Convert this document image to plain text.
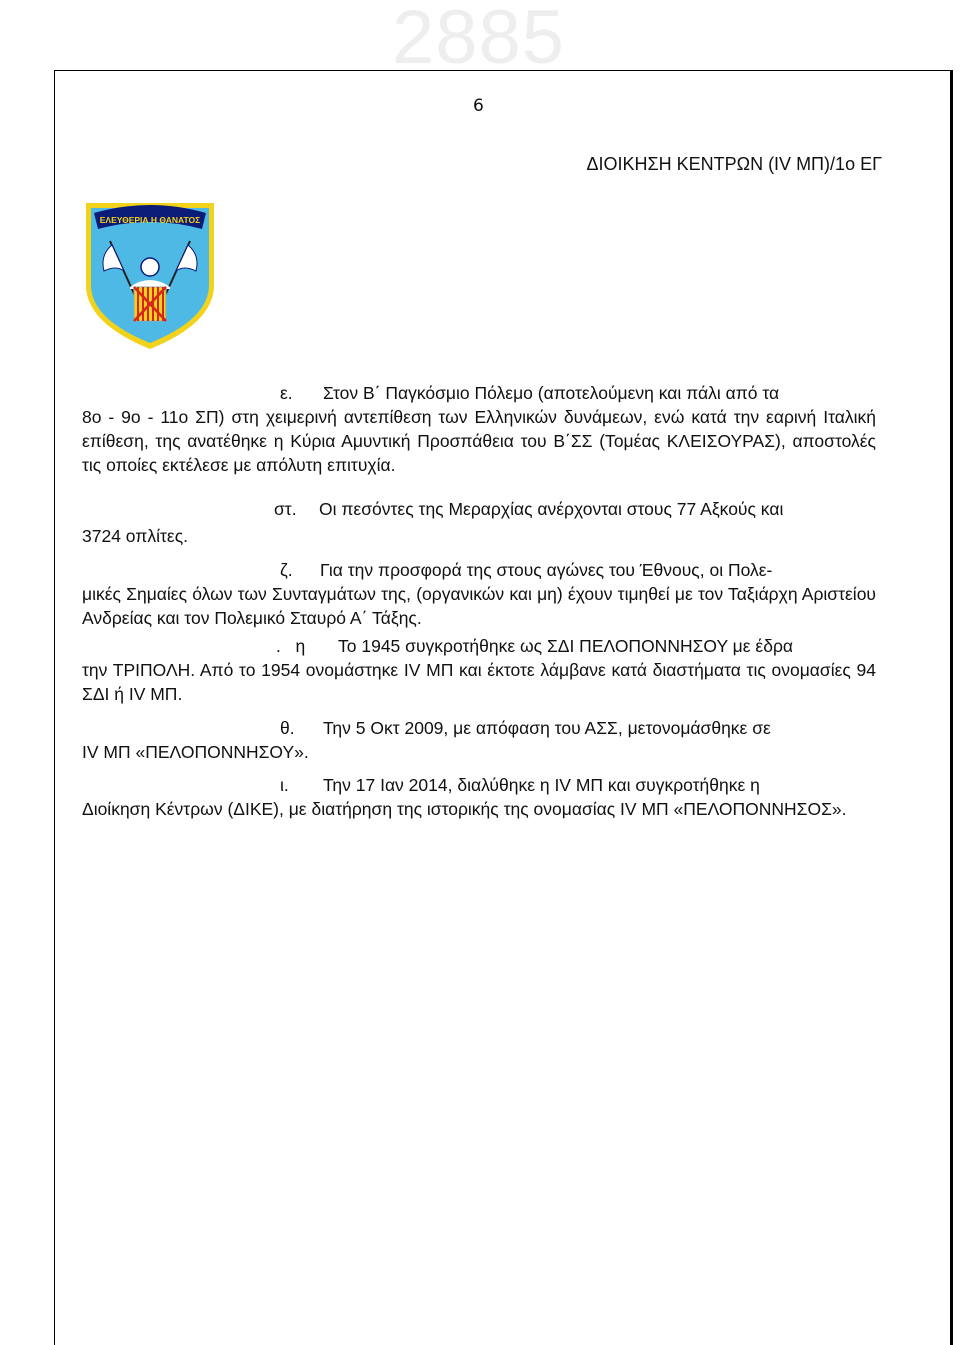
2885
6
ΔΙΟΙΚΗΣΗ ΚΕΝΤΡΩΝ (ΙV ΜΠ)/1ο ΕΓ
ΕΛΕΥΘΕΡΙΑ Η ΘΑΝΑΤΟΣ
ε. Στον Β΄ Παγκόσμιο Πόλεμο (αποτελούμενη και πάλι από τα
8ο - 9ο - 11ο ΣΠ) στη χειμερινή αντεπίθεση των Ελληνικών δυνάμεων, ενώ κατά την εαρινή Ιταλική επίθεση, της ανατέθηκε η Κύρια Αμυντική Προσπάθεια του Β΄ΣΣ (Τομέας ΚΛΕΙΣΟΥΡΑΣ), αποστολές τις οποίες εκτέλεσε με απόλυτη επιτυχία.
στ. Οι πεσόντες της Μεραρχίας ανέρχονται στους 77 Αξκούς και
3724 οπλίτες.
ζ. Για την προσφορά της στους αγώνες του Έθνους, οι Πολε-
μικές Σημαίες όλων των Συνταγμάτων της, (οργανικών και μη) έχουν τιμηθεί με τον Ταξιάρχη Αριστείου Ανδρείας και τον Πολεμικό Σταυρό Α΄ Τάξης.
.   η Το 1945 συγκροτήθηκε ως ΣΔΙ ΠΕΛΟΠΟΝΝΗΣΟΥ με έδρα
την ΤΡΙΠΟΛΗ. Από το 1954 ονομάστηκε IV ΜΠ και έκτοτε λάμβανε κατά διαστήματα τις ονομασίες 94 ΣΔΙ ή IV ΜΠ.
θ. Την 5 Οκτ 2009, με απόφαση του ΑΣΣ, μετονομάσθηκε σε
IV ΜΠ «ΠΕΛΟΠΟΝΝΗΣΟΥ».
ι. Την 17 Ιαν 2014, διαλύθηκε η IV ΜΠ και συγκροτήθηκε η
Διοίκηση Κέντρων (ΔΙΚΕ), με διατήρηση της ιστορικής της ονομασίας IV ΜΠ «ΠΕΛΟΠΟΝΝΗΣΟΣ».
